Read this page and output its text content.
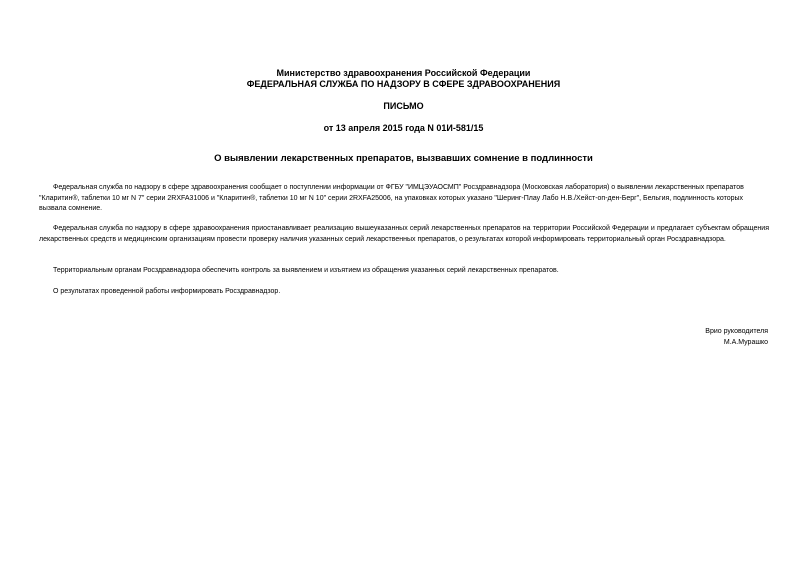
Министерство здравоохранения Российской Федерации

ФЕДЕРАЛЬНАЯ СЛУЖБА ПО НАДЗОРУ В СФЕРЕ ЗДРАВООХРАНЕНИЯ

ПИСЬМО

от 13 апреля 2015 года N 01И-581/15

О выявлении лекарственных препаратов, вызвавших сомнение в подлинности

Федеральная служба по надзору в сфере здравоохранения сообщает о поступлении информации от ФГБУ "ИМЦЭУАОСМП" Росздравнадзора (Московская лаборатория) о выявлении лекарственных препаратов "Кларитин®, таблетки 10 мг N 7" серии 2RXFA31006 и "Кларитин®, таблетки 10 мг N 10" серии 2RXFA25006, на упаковках которых указано "Шеринг-Плау Лабо Н.В./Хейст-оп-ден-Берг", Бельгия, подлинность которых вызвала сомнение.

Федеральная служба по надзору в сфере здравоохранения приостанавливает реализацию вышеуказанных серий лекарственных препаратов на территории Российской Федерации и предлагает субъектам обращения лекарственных средств и медицинским организациям провести проверку наличия указанных серий лекарственных препаратов, о результатах которой информировать территориальный орган Росздравнадзора.

Территориальным органам Росздравнадзора обеспечить контроль за выявлением и изъятием из обращения указанных серий лекарственных препаратов.

О результатах проведенной работы информировать Росздравнадзор.

Врио руководителя
М.А.Мурашко
